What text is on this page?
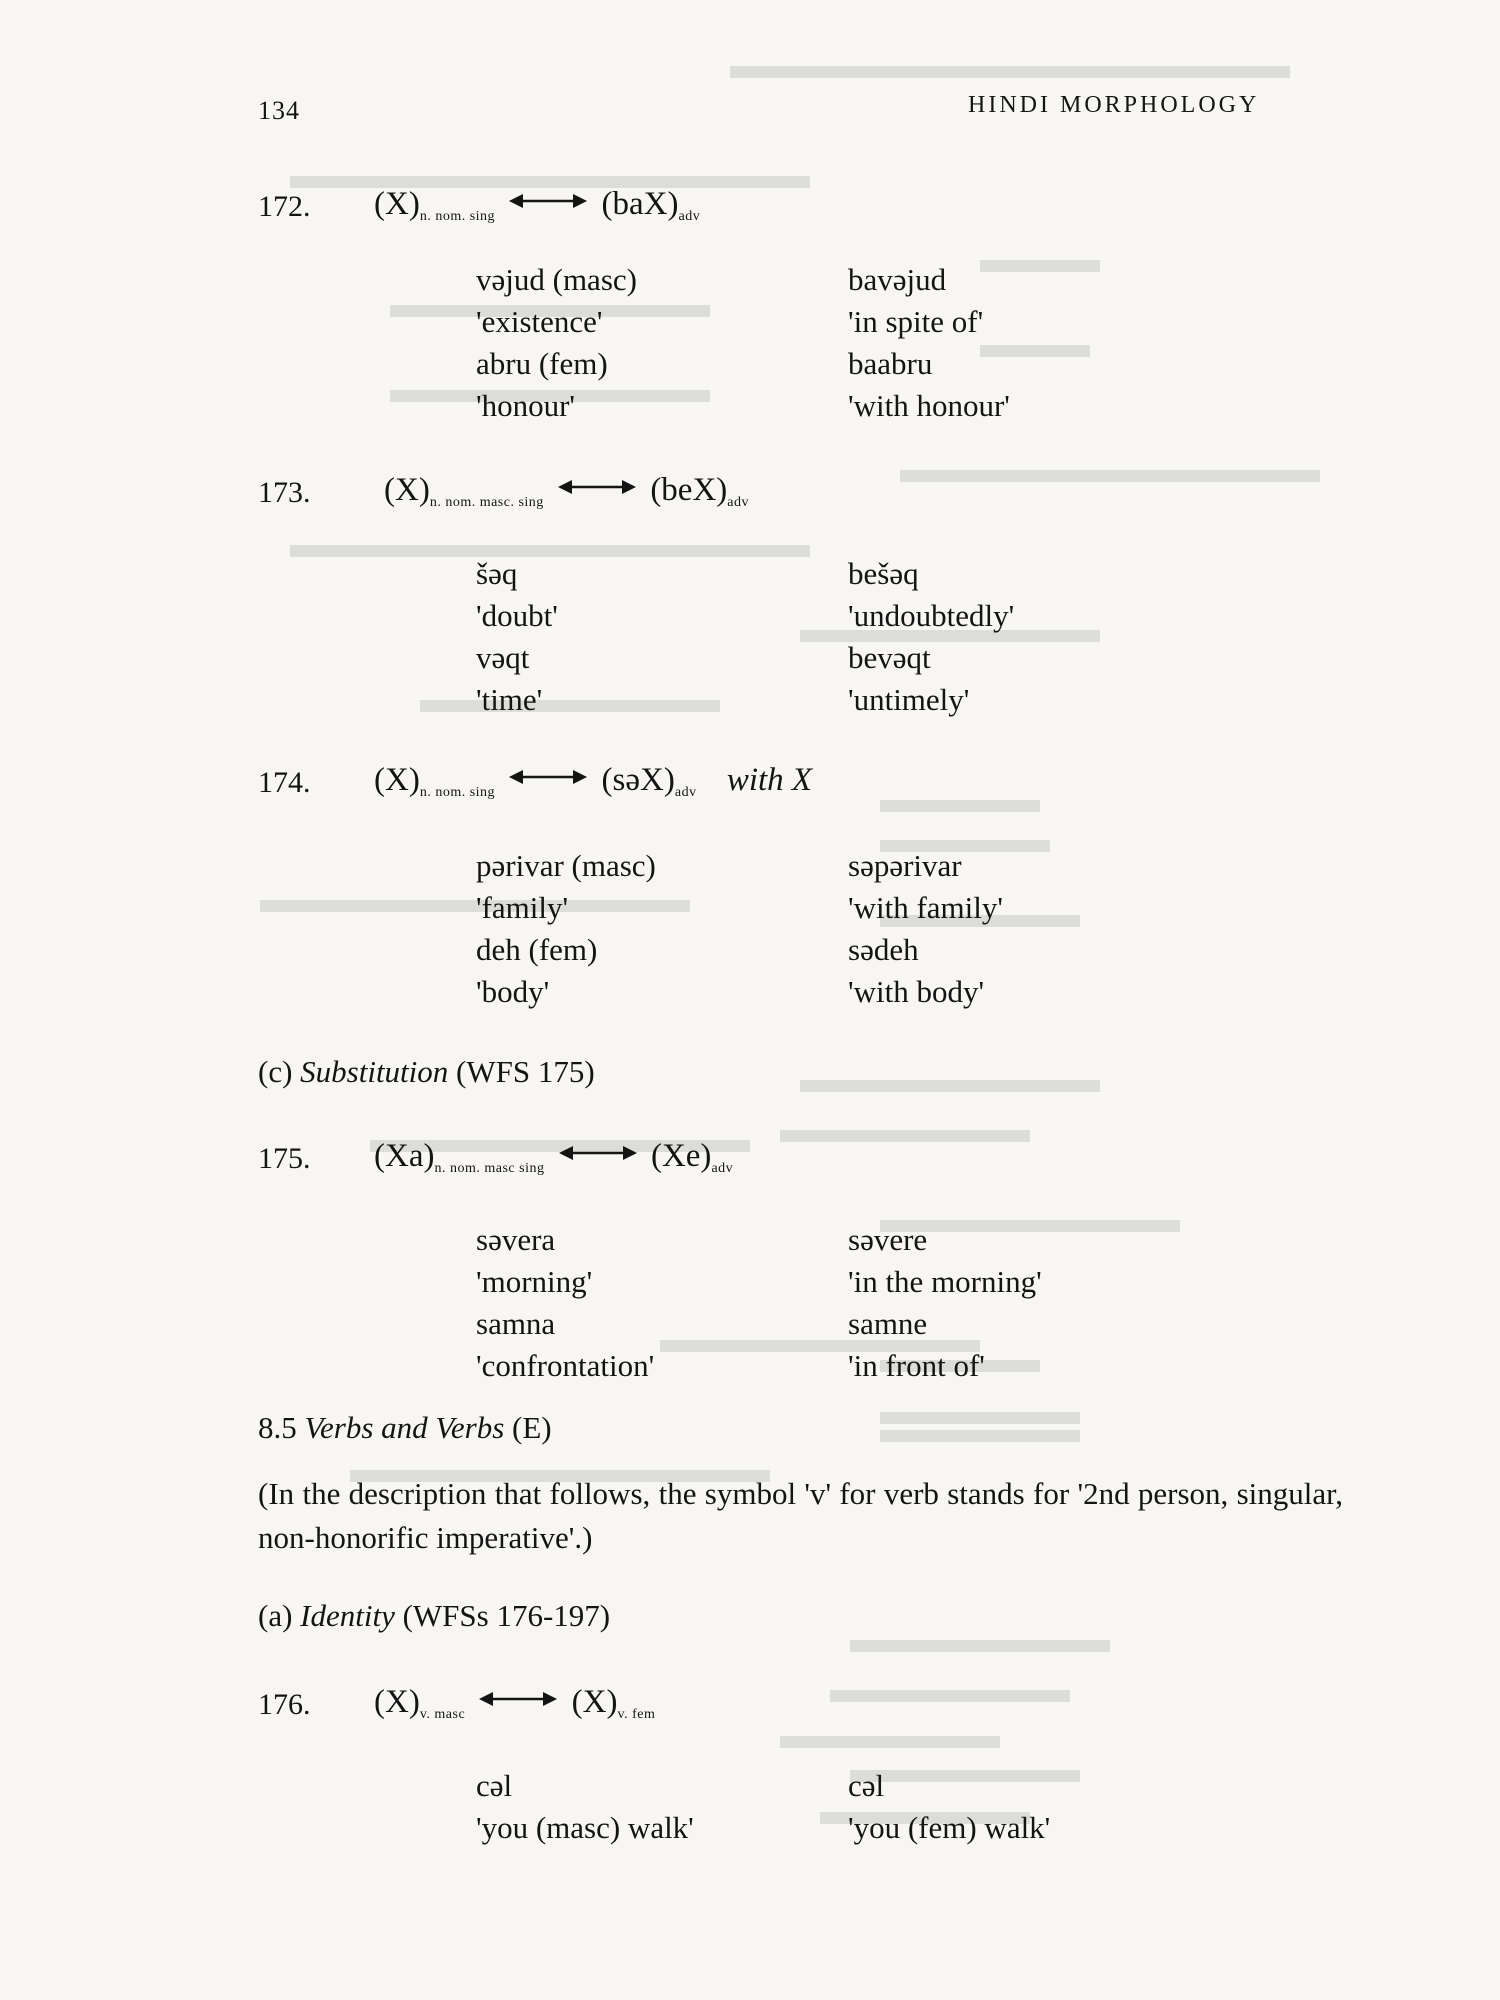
134	HINDI MORPHOLOGY
172. $(X)_{n. nom. sing}$	$(baX)_{adv}$
vəjud (masc)	bavəjud
'existence'	'in spite of'
abru (fem)	baabru
'honour'	'with honour'
173. $(X)_{n. nom. masc. sing}$	$(beX)_{adv}$
šəq	bešəq
'doubt'	'undoubtedly'
vəqt	bevəqt
'time'	'untimely'
174. $(X)_{n. nom. sing}$	$(səX)_{adv}$ with X
pərivar (masc)	səpərivar
'family'	'with family'
deh (fem)	sədeh
'body'	'with body'
(c) Substitution (WFS 175)
175. $(Xa)_{n. nom. masc sing}$	$(Xe)_{adv}$
səvera	səvere
'morning'	'in the morning'
samna	samne
'confrontation'	'in front of'
8.5 Verbs and Verbs (E)
(In the description that follows, the symbol 'v' for verb stands for '2nd person, singular, non-honorific imperative'.)
(a) Identity (WFSs 176-197)
176. $(X)_{v. masc}$	$(X)_{v. fem}$
cəl	cəl
'you (masc) walk'	'you (fem) walk'
